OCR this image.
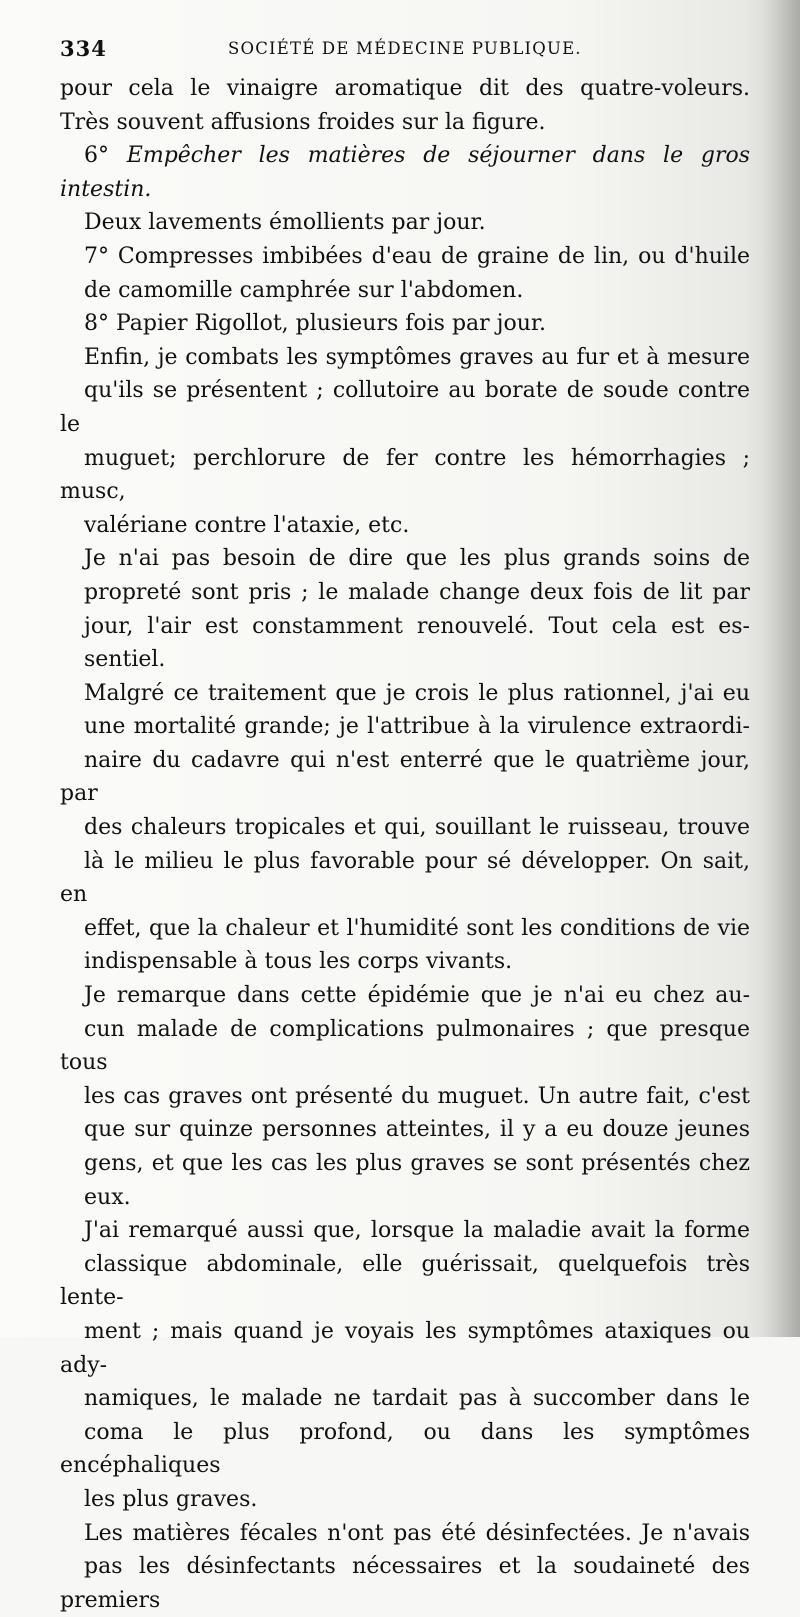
334	SOCIÉTÉ DE MÉDECINE PUBLIQUE.

pour cela le vinaigre aromatique dit des quatre-voleurs.
Très souvent affusions froides sur la figure.

6° Empêcher les matières de séjourner dans le gros intestin.
Deux lavements émollients par jour.

7° Compresses imbibées d'eau de graine de lin, ou d'huile
de camomille camphrée sur l'abdomen.

8° Papier Rigollot, plusieurs fois par jour.

Enfin, je combats les symptômes graves au fur et à mesure
qu'ils se présentent ; collutoire au borate de soude contre le
muguet; perchlorure de fer contre les hémorrhagies ; musc,
valériane contre l'ataxie, etc.

Je n'ai pas besoin de dire que les plus grands soins de
propreté sont pris ; le malade change deux fois de lit par
jour, l'air est constamment renouvelé. Tout cela est es-
sentiel.

Malgré ce traitement que je crois le plus rationnel, j'ai eu
une mortalité grande; je l'attribue à la virulence extraordi-
naire du cadavre qui n'est enterré que le quatrième jour, par
des chaleurs tropicales et qui, souillant le ruisseau, trouve
là le milieu le plus favorable pour sé développer. On sait, en
effet, que la chaleur et l'humidité sont les conditions de vie
indispensable à tous les corps vivants.

Je remarque dans cette épidémie que je n'ai eu chez au-
cun malade de complications pulmonaires ; que presque tous
les cas graves ont présenté du muguet. Un autre fait, c'est
que sur quinze personnes atteintes, il y a eu douze jeunes
gens, et que les cas les plus graves se sont présentés chez
eux.

J'ai remarqué aussi que, lorsque la maladie avait la forme
classique abdominale, elle guérissait, quelquefois très lente-
ment ; mais quand je voyais les symptômes ataxiques ou ady-
namiques, le malade ne tardait pas à succomber dans le
coma le plus profond, ou dans les symptômes encéphaliques
les plus graves.

Les matières fécales n'ont pas été désinfectées. Je n'avais
pas les désinfectants nécessaires et la soudaineté des premiers
